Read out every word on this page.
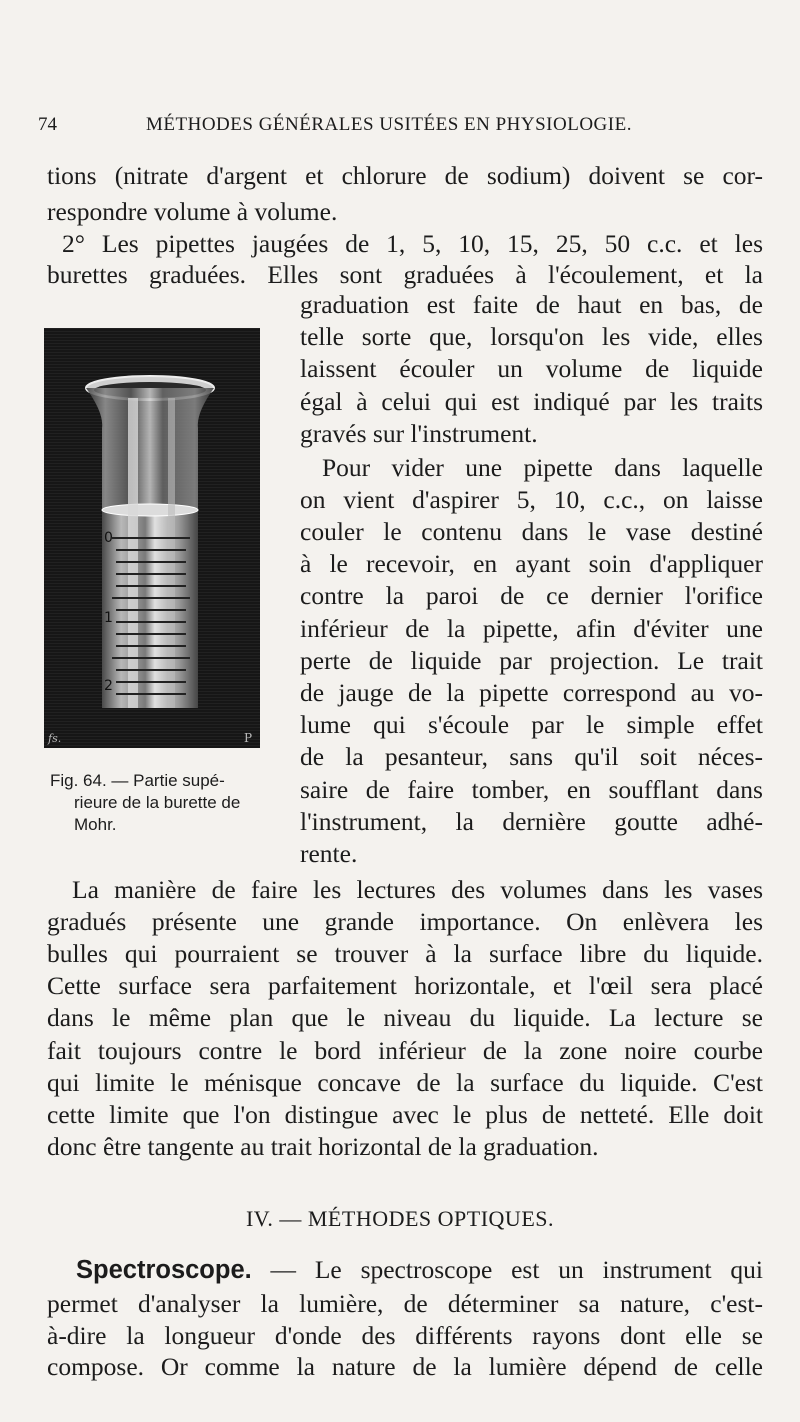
74	MÉTHODES GÉNÉRALES USITÉES EN PHYSIOLOGIE.
tions (nitrate d'argent et chlorure de sodium) doivent se cor-
respondre volume à volume.
2° Les pipettes jaugées de 1, 5, 10, 15, 25, 50 c.c. et les
burettes graduées. Elles sont graduées à l'écoulement, et la
graduation est faite de haut en bas, de
telle sorte que, lorsqu'on les vide, elles
laissent écouler un volume de liquide
égal à celui qui est indiqué par les traits
gravés sur l'instrument.
Pour vider une pipette dans laquelle
on vient d'aspirer 5, 10, c.c., on laisse
couler le contenu dans le vase destiné
à le recevoir, en ayant soin d'appliquer
contre la paroi de ce dernier l'orifice
inférieur de la pipette, afin d'éviter une
perte de liquide par projection. Le trait
de jauge de la pipette correspond au vo-
lume qui s'écoule par le simple effet
de la pesanteur, sans qu'il soit néces-
saire de faire tomber, en soufflant dans
l'instrument, la dernière goutte adhé-
rente.
0
1
2
fs.	P
Fig. 64. — Partie supé-
rieure de la burette de
Mohr.
La manière de faire les lectures des volumes dans les vases
gradués présente une grande importance. On enlèvera les
bulles qui pourraient se trouver à la surface libre du liquide.
Cette surface sera parfaitement horizontale, et l'œil sera placé
dans le même plan que le niveau du liquide. La lecture se
fait toujours contre le bord inférieur de la zone noire courbe
qui limite le ménisque concave de la surface du liquide. C'est
cette limite que l'on distingue avec le plus de netteté. Elle doit
donc être tangente au trait horizontal de la graduation.
IV. — MÉTHODES OPTIQUES.
Spectroscope. — Le spectroscope est un instrument qui
permet d'analyser la lumière, de déterminer sa nature, c'est-
à-dire la longueur d'onde des différents rayons dont elle se
compose. Or comme la nature de la lumière dépend de celle
